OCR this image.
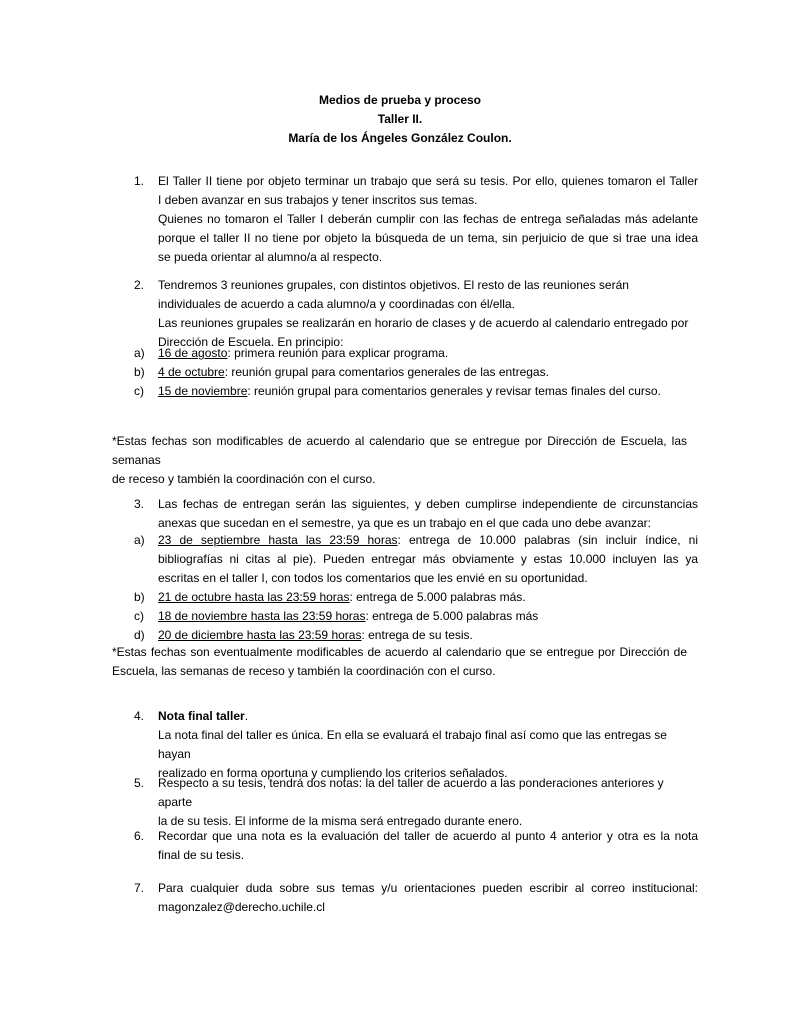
Medios de prueba y proceso
Taller II.
María de los Ángeles González Coulon.
1. El Taller II tiene por objeto terminar un trabajo que será su tesis. Por ello, quienes tomaron el Taller

I deben avanzar en sus trabajos y tener inscritos sus temas.

Quienes no tomaron el Taller I deberán cumplir con las fechas de entrega señaladas más adelante

porque el taller II no tiene por objeto la búsqueda de un tema, sin perjuicio de que si trae una idea

se pueda orientar al alumno/a al respecto.

2. Tendremos 3 reuniones grupales, con distintos objetivos. El resto de las reuniones serán

individuales de acuerdo a cada alumno/a y coordinadas con él/ella.

Las reuniones grupales se realizarán en horario de clases y de acuerdo al calendario entregado por

Dirección de Escuela. En principio:

a) 16 de agosto: primera reunión para explicar programa.
b) 4 de octubre: reunión grupal para comentarios generales de las entregas.
c) 15 de noviembre: reunión grupal para comentarios generales y revisar temas finales del curso.

*Estas fechas son modificables de acuerdo al calendario que se entregue por Dirección de Escuela, las semanas

de receso y también la coordinación con el curso.

3. Las fechas de entregan serán las siguientes, y deben cumplirse independiente de circunstancias

anexas que sucedan en el semestre, ya que es un trabajo en el que cada uno debe avanzar:

a) 23 de septiembre hasta las 23:59 horas: entrega de 10.000 palabras (sin incluir índice, ni
bibliografías ni citas al pie). Pueden entregar más obviamente y estas 10.000 incluyen las ya
escritas en el taller I, con todos los comentarios que les envié en su oportunidad.
b) 21 de octubre hasta las 23:59 horas: entrega de 5.000 palabras más.
c) 18 de noviembre hasta las 23:59 horas: entrega de 5.000 palabras más
d) 20 de diciembre hasta las 23:59 horas: entrega de su tesis.

*Estas fechas son eventualmente modificables de acuerdo al calendario que se entregue por Dirección de

Escuela, las semanas de receso y también la coordinación con el curso.

4. Nota final taller.

La nota final del taller es única. En ella se evaluará el trabajo final así como que las entregas se hayan

realizado en forma oportuna y cumpliendo los criterios señalados.

5. Respecto a su tesis, tendrá dos notas: la del taller de acuerdo a las ponderaciones anteriores y aparte

la de su tesis. El informe de la misma será entregado durante enero.

6. Recordar que una nota es la evaluación del taller de acuerdo al punto 4 anterior y otra es la nota

final de su tesis.

7. Para cualquier duda sobre sus temas y/u orientaciones pueden escribir al correo institucional:

magonzalez@derecho.uchile.cl
